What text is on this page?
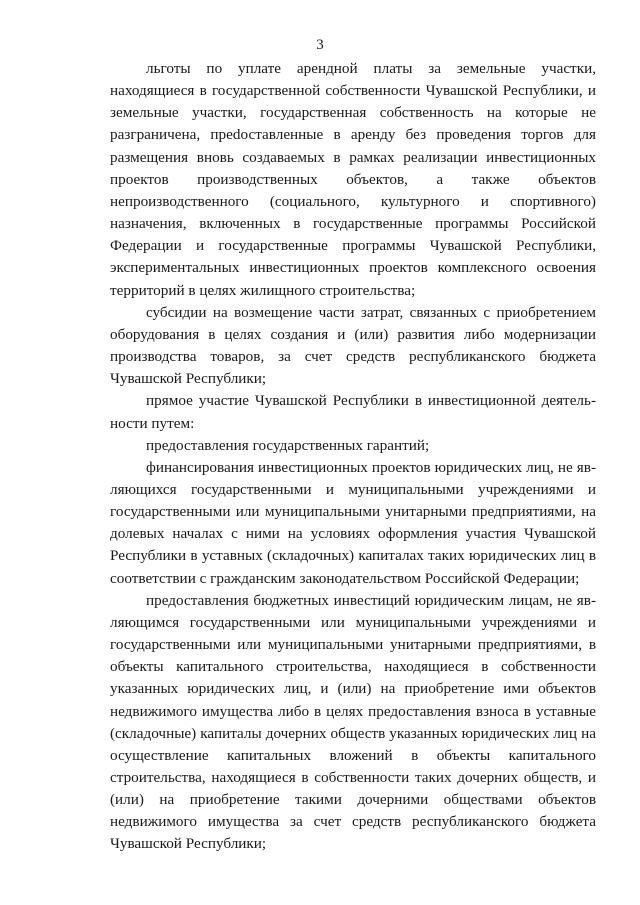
3

льготы по уплате арендной платы за земельные участки, находящиеся в государственной собственности Чувашской Республики, и земельные участки, государственная собственность на которые не разграничена, преdоставленные в аренду без проведения торгов для размещения вновь создаваемых в рамках реализации инвестиционных проектов производственных объектов, а также объектов непроизводственного (социального, культурного и спортивного) назначения, включенных в государственные программы Российской Федерации и государственные программы Чувашской Республики, экспериментальных инвестиционных проектов комплексного освоения территорий в целях жилищного строительства;

субсидии на возмещение части затрат, связанных с приобретением оборудования в целях создания и (или) развития либо модернизации производства товаров, за счет средств республиканского бюджета Чувашской Республики;

прямое участие Чувашской Республики в инвестиционной деятельности путем:

предоставления государственных гарантий;

финансирования инвестиционных проектов юридических лиц, не являющихся государственными и муниципальными учреждениями и государственными или муниципальными унитарными предприятиями, на долевых началах с ними на условиях оформления участия Чувашской Республики в уставных (складочных) капиталах таких юридических лиц в соответствии с гражданским законодательством Российской Федерации;

предоставления бюджетных инвестиций юридическим лицам, не являющимся государственными или муниципальными учреждениями и государственными или муниципальными унитарными предприятиями, в объекты капитального строительства, находящиеся в собственности указанных юридических лиц, и (или) на приобретение ими объектов недвижимого имущества либо в целях предоставления взноса в уставные (складочные) капиталы дочерних обществ указанных юридических лиц на осуществление капитальных вложений в объекты капитального строительства, находящиеся в собственности таких дочерних обществ, и (или) на приобретение такими дочерними обществами объектов недвижимого имущества за счет средств республиканского бюджета Чувашской Республики;
